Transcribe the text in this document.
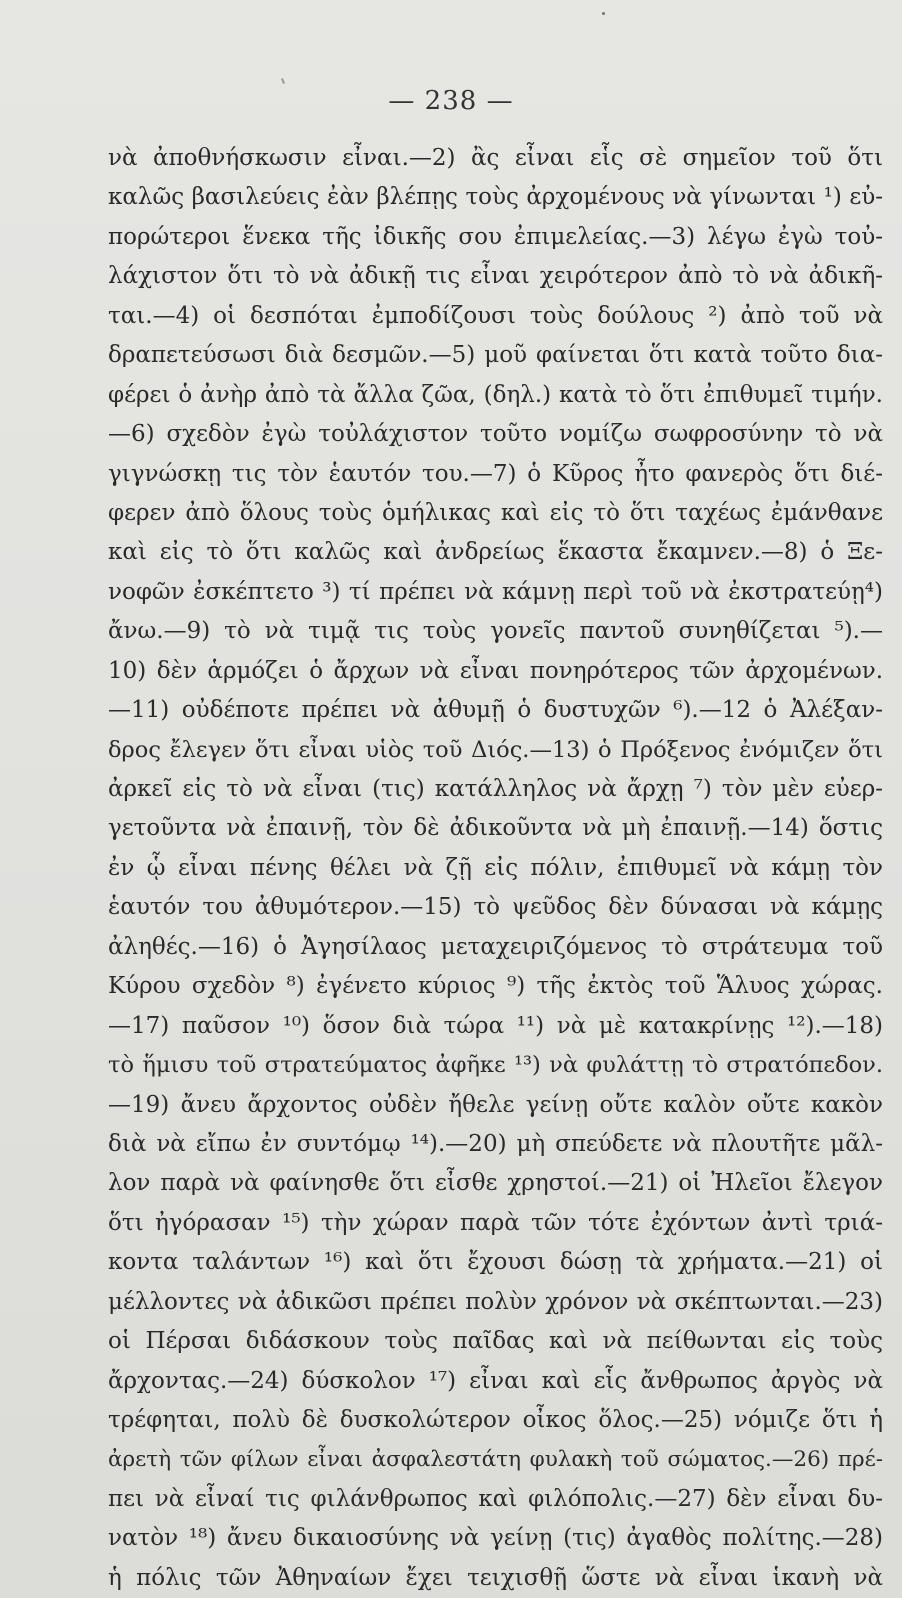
— 238 —
νὰ ἀποθνήσκωσιν εἶναι.—2) ἂς εἶναι εἷς σὲ σημεῖον τοῦ ὅτι
καλῶς βασιλεύεις ἐὰν βλέπῃς τοὺς ἀρχομένους νὰ γίνωνται ¹) εὐ-
πορώτεροι ἕνεκα τῆς ἰδικῆς σου ἐπιμελείας.—3) λέγω ἐγὼ τοὐ-
λάχιστον ὅτι τὸ νὰ ἀδικῇ τις εἶναι χειρότερον ἀπὸ τὸ νὰ ἀδικῆ-
ται.—4) οἱ δεσπόται ἐμποδίζουσι τοὺς δούλους ²) ἀπὸ τοῦ νὰ
δραπετεύσωσι διὰ δεσμῶν.—5) μοῦ φαίνεται ὅτι κατὰ τοῦτο δια-
φέρει ὁ ἀνὴρ ἀπὸ τὰ ἄλλα ζῶα, (δηλ.) κατὰ τὸ ὅτι ἐπιθυμεῖ τιμήν.
—6) σχεδὸν ἐγὼ τοὐλάχιστον τοῦτο νομίζω σωφροσύνην τὸ νὰ
γιγνώσκῃ τις τὸν ἑαυτόν του.—7) ὁ Κῦρος ἦτο φανερὸς ὅτι διέ-
φερεν ἀπὸ ὅλους τοὺς ὁμήλικας καὶ εἰς τὸ ὅτι ταχέως ἐμάνθανε
καὶ εἰς τὸ ὅτι καλῶς καὶ ἀνδρείως ἕκαστα ἔκαμνεν.—8) ὁ Ξε-
νοφῶν ἐσκέπτετο ³) τί πρέπει νὰ κάμνῃ περὶ τοῦ νὰ ἐκστρατεύῃ⁴)
ἄνω.—9) τὸ νὰ τιμᾷ τις τοὺς γονεῖς παντοῦ συνηθίζεται ⁵).—
10) δὲν ἁρμόζει ὁ ἄρχων νὰ εἶναι πονηρότερος τῶν ἀρχομένων.
—11) οὐδέποτε πρέπει νὰ ἀθυμῇ ὁ δυστυχῶν ⁶).—12 ὁ Ἀλέξαν-
δρος ἔλεγεν ὅτι εἶναι υἱὸς τοῦ Διός.—13) ὁ Πρόξενος ἐνόμιζεν ὅτι
ἀρκεῖ εἰς τὸ νὰ εἶναι (τις) κατάλληλος νὰ ἄρχῃ ⁷) τὸν μὲν εὐερ-
γετοῦντα νὰ ἐπαινῇ, τὸν δὲ ἀδικοῦντα νὰ μὴ ἐπαινῇ.—14) ὅστις
ἐν ᾧ εἶναι πένης θέλει νὰ ζῇ εἰς πόλιν, ἐπιθυμεῖ νὰ κάμῃ τὸν
ἑαυτόν του ἀθυμότερον.—15) τὸ ψεῦδος δὲν δύνασαι νὰ κάμῃς
ἀληθές.—16) ὁ Ἀγησίλαος μεταχειριζόμενος τὸ στράτευμα τοῦ
Κύρου σχεδὸν ⁸) ἐγένετο κύριος ⁹) τῆς ἐκτὸς τοῦ Ἅλυος χώρας.
—17) παῦσον ¹⁰) ὅσον διὰ τώρα ¹¹) νὰ μὲ κατακρίνῃς ¹²).—18)
τὸ ἥμισυ τοῦ στρατεύματος ἀφῆκε ¹³) νὰ φυλάττῃ τὸ στρατόπεδον.
—19) ἄνευ ἄρχοντος οὐδὲν ἤθελε γείνῃ οὔτε καλὸν οὔτε κακὸν
διὰ νὰ εἴπω ἐν συντόμῳ ¹⁴).—20) μὴ σπεύδετε νὰ πλουτῆτε μᾶλ-
λον παρὰ νὰ φαίνησθε ὅτι εἶσθε χρηστοί.—21) οἱ Ἠλεῖοι ἔλεγον
ὅτι ἠγόρασαν ¹⁵) τὴν χώραν παρὰ τῶν τότε ἐχόντων ἀντὶ τριά-
κοντα ταλάντων ¹⁶) καὶ ὅτι ἔχουσι δώσῃ τὰ χρήματα.—21) οἱ
μέλλοντες νὰ ἀδικῶσι πρέπει πολὺν χρόνον νὰ σκέπτωνται.—23)
οἱ Πέρσαι διδάσκουν τοὺς παῖδας καὶ νὰ πείθωνται εἰς τοὺς
ἄρχοντας.—24) δύσκολον ¹⁷) εἶναι καὶ εἷς ἄνθρωπος ἀργὸς νὰ
τρέφηται, πολὺ δὲ δυσκολώτερον οἶκος ὅλος.—25) νόμιζε ὅτι ἡ
ἀρετὴ τῶν φίλων εἶναι ἀσφαλεστάτη φυλακὴ τοῦ σώματος.—26) πρέ-
πει νὰ εἶναί τις φιλάνθρωπος καὶ φιλόπολις.—27) δὲν εἶναι δυ-
νατὸν ¹⁸) ἄνευ δικαιοσύνης νὰ γείνῃ (τις) ἀγαθὸς πολίτης.—28)
ἡ πόλις τῶν Ἀθηναίων ἔχει τειχισθῇ ὥστε νὰ εἶναι ἱκανὴ νὰ
